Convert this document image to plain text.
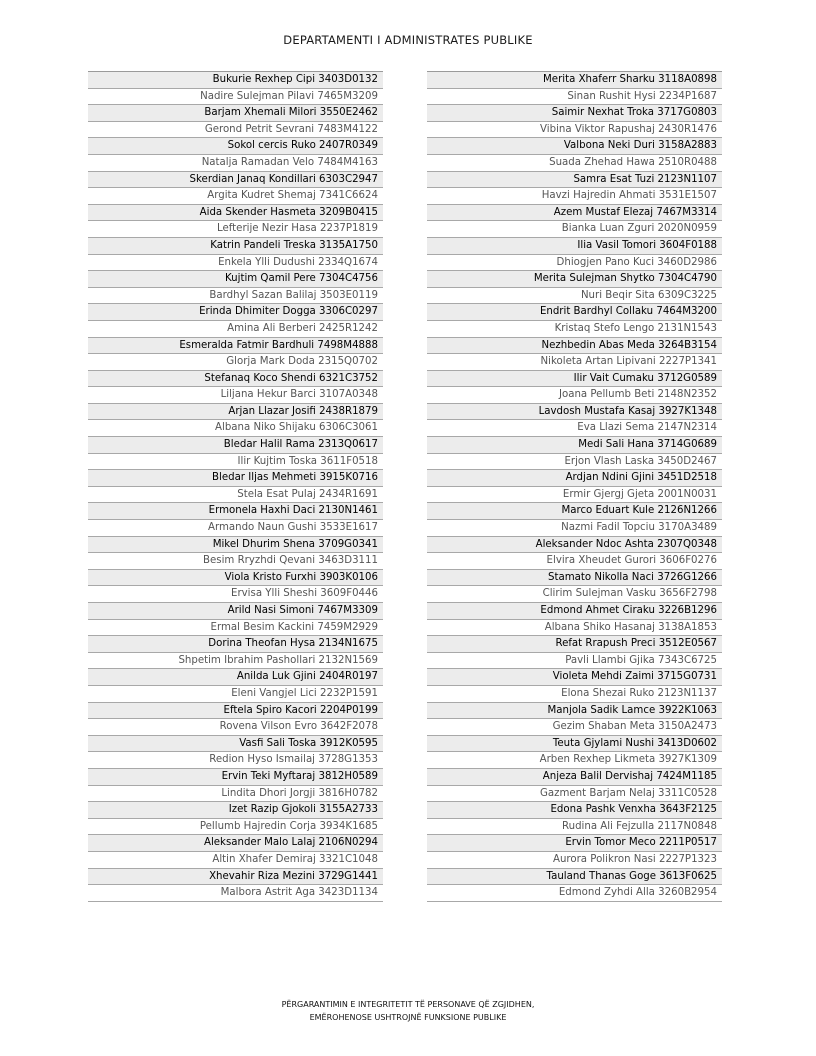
DEPARTAMENTI I ADMINISTRATES PUBLIKE
Bukurie Rexhep Cipi 3403D0132
Nadire Sulejman Pilavi 7465M3209
Barjam Xhemali Milori 3550E2462
Gerond Petrit Sevrani 7483M4122
Sokol cercis Ruko 2407R0349
Natalja Ramadan Velo 7484M4163
Skerdian Janaq Kondillari 6303C2947
Argita Kudret Shemaj 7341C6624
Aida Skender Hasmeta 3209B0415
Lefterije Nezir Hasa 2237P1819
Katrin Pandeli Treska 3135A1750
Enkela Ylli Dudushi 2334Q1674
Kujtim Qamil Pere 7304C4756
Bardhyl Sazan Balilaj 3503E0119
Erinda Dhimiter Dogga 3306C0297
Amina Ali Berberi 2425R1242
Esmeralda Fatmir Bardhuli 7498M4888
Glorja Mark Doda 2315Q0702
Stefanaq Koco Shendi 6321C3752
Liljana Hekur Barci 3107A0348
Arjan Llazar Josifi 2438R1879
Albana Niko Shijaku 6306C3061
Bledar Halil Rama 2313Q0617
Ilir Kujtim Toska 3611F0518
Bledar Iljas Mehmeti 3915K0716
Stela Esat Pulaj 2434R1691
Ermonela Haxhi Daci 2130N1461
Armando Naun Gushi 3533E1617
Mikel Dhurim Shena 3709G0341
Besim Rryzhdi Qevani 3463D3111
Viola Kristo Furxhi 3903K0106
Ervisa Ylli Sheshi 3609F0446
Arild Nasi Simoni 7467M3309
Ermal Besim Kackini 7459M2929
Dorina Theofan Hysa 2134N1675
Shpetim Ibrahim Pashollari 2132N1569
Anilda Luk Gjini 2404R0197
Eleni Vangjel Lici 2232P1591
Eftela Spiro Kacori 2204P0199
Rovena Vilson Evro 3642F2078
Vasfi Sali Toska 3912K0595
Redion Hyso Ismailaj 3728G1353
Ervin Teki Myftaraj 3812H0589
Lindita Dhori Jorgji 3816H0782
Izet Razip Gjokoli 3155A2733
Pellumb Hajredin Corja 3934K1685
Aleksander Malo Lalaj 2106N0294
Altin Xhafer Demiraj 3321C1048
Xhevahir Riza Mezini 3729G1441
Malbora Astrit Aga 3423D1134
Merita Xhaferr Sharku 3118A0898
Sinan Rushit Hysi 2234P1687
Saimir Nexhat Troka 3717G0803
Vibina Viktor Rapushaj 2430R1476
Valbona Neki Duri 3158A2883
Suada Zhehad Hawa 2510R0488
Samra Esat Tuzi 2123N1107
Havzi Hajredin Ahmati 3531E1507
Azem Mustaf Elezaj 7467M3314
Bianka Luan Zguri 2020N0959
Ilia Vasil Tomori 3604F0188
Dhiogjen Pano Kuci 3460D2986
Merita Sulejman Shytko 7304C4790
Nuri Beqir Sita 6309C3225
Endrit Bardhyl Collaku 7464M3200
Kristaq Stefo Lengo 2131N1543
Nezhbedin Abas Meda 3264B3154
Nikoleta Artan Lipivani 2227P1341
Ilir Vait Cumaku 3712G0589
Joana Pellumb Beti 2148N2352
Lavdosh Mustafa Kasaj 3927K1348
Eva Llazi Sema 2147N2314
Medi Sali Hana 3714G0689
Erjon Vlash Laska 3450D2467
Ardjan Ndini Gjini 3451D2518
Ermir Gjergj Gjeta 2001N0031
Marco Eduart Kule 2126N1266
Nazmi Fadil Topciu 3170A3489
Aleksander Ndoc Ashta 2307Q0348
Elvira Xheudet Gurori 3606F0276
Stamato Nikolla Naci 3726G1266
Clirim Sulejman Vasku 3656F2798
Edmond Ahmet Ciraku 3226B1296
Albana Shiko Hasanaj 3138A1853
Refat Rrapush Preci 3512E0567
Pavli Llambi Gjika 7343C6725
Violeta Mehdi Zaimi 3715G0731
Elona Shezai Ruko 2123N1137
Manjola Sadik Lamce 3922K1063
Gezim Shaban Meta 3150A2473
Teuta Gjylami Nushi 3413D0602
Arben Rexhep Likmeta 3927K1309
Anjeza Balil Dervishaj 7424M1185
Gazment Barjam Nelaj 3311C0528
Edona Pashk Venxha 3643F2125
Rudina Ali Fejzulla 2117N0848
Ervin Tomor Meco 2211P0517
Aurora Polikron Nasi 2227P1323
Tauland Thanas Goge 3613F0625
Edmond Zyhdi Alla 3260B2954
PËRGARANTIMIN E INTEGRITETIT TË PERSONAVE QË ZGJIDHEN,
EMËROHENOSE USHTROJNË FUNKSIONE PUBLIKE
